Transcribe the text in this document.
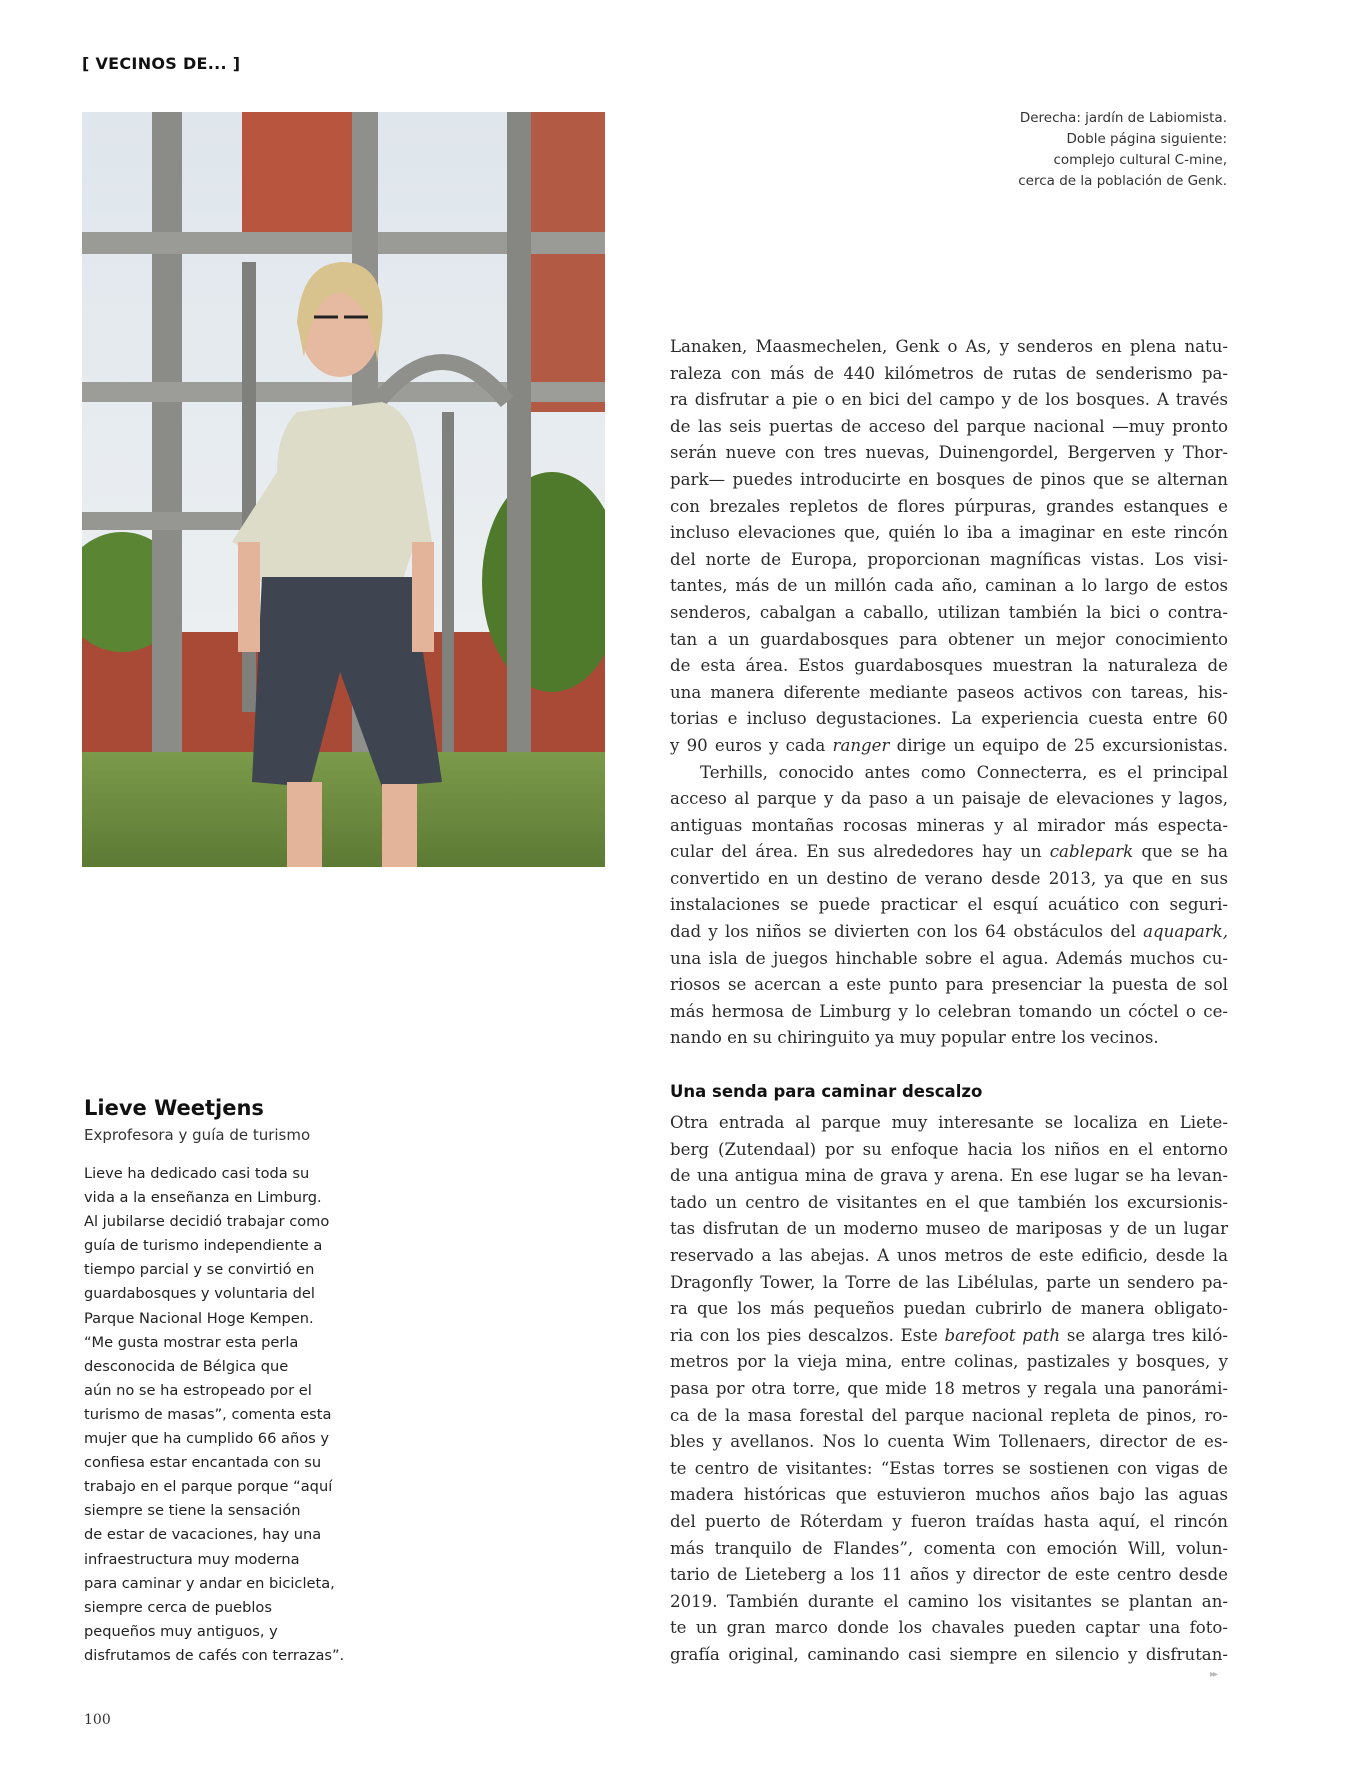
[ VECINOS DE... ]
Derecha: jardín de Labiomista.
Doble página siguiente:
complejo cultural C-mine,
cerca de la población de Genk.
Lanaken, Maasmechelen, Genk o As, y senderos en plena natu-
raleza con más de 440 kilómetros de rutas de senderismo pa-
ra disfrutar a pie o en bici del campo y de los bosques. A través
de las seis puertas de acceso del parque nacional —muy pronto
serán nueve con tres nuevas, Duinengordel, Bergerven y Thor-
park— puedes introducirte en bosques de pinos que se alternan
con brezales repletos de flores púrpuras, grandes estanques e
incluso elevaciones que, quién lo iba a imaginar en este rincón
del norte de Europa, proporcionan magníficas vistas. Los visi-
tantes, más de un millón cada año, caminan a lo largo de estos
senderos, cabalgan a caballo, utilizan también la bici o contra-
tan a un guardabosques para obtener un mejor conocimiento
de esta área. Estos guardabosques muestran la naturaleza de
una manera diferente mediante paseos activos con tareas, his-
torias e incluso degustaciones. La experiencia cuesta entre 60
y 90 euros y cada ranger dirige un equipo de 25 excursionistas.
Terhills, conocido antes como Connecterra, es el principal
acceso al parque y da paso a un paisaje de elevaciones y lagos,
antiguas montañas rocosas mineras y al mirador más especta-
cular del área. En sus alrededores hay un cablepark que se ha
convertido en un destino de verano desde 2013, ya que en sus
instalaciones se puede practicar el esquí acuático con seguri-
dad y los niños se divierten con los 64 obstáculos del aquapark,
una isla de juegos hinchable sobre el agua. Además muchos cu-
riosos se acercan a este punto para presenciar la puesta de sol
más hermosa de Limburg y lo celebran tomando un cóctel o ce-
nando en su chiringuito ya muy popular entre los vecinos.
Una senda para caminar descalzo
Otra entrada al parque muy interesante se localiza en Liete-
berg (Zutendaal) por su enfoque hacia los niños en el entorno
de una antigua mina de grava y arena. En ese lugar se ha levan-
tado un centro de visitantes en el que también los excursionis-
tas disfrutan de un moderno museo de mariposas y de un lugar
reservado a las abejas. A unos metros de este edificio, desde la
Dragonfly Tower, la Torre de las Libélulas, parte un sendero pa-
ra que los más pequeños puedan cubrirlo de manera obligato-
ria con los pies descalzos. Este barefoot path se alarga tres kiló-
metros por la vieja mina, entre colinas, pastizales y bosques, y
pasa por otra torre, que mide 18 metros y regala una panorámi-
ca de la masa forestal del parque nacional repleta de pinos, ro-
bles y avellanos. Nos lo cuenta Wim Tollenaers, director de es-
te centro de visitantes: “Estas torres se sostienen con vigas de
madera históricas que estuvieron muchos años bajo las aguas
del puerto de Róterdam y fueron traídas hasta aquí, el rincón
más tranquilo de Flandes”, comenta con emoción Will, volun-
tario de Lieteberg a los 11 años y director de este centro desde
2019. También durante el camino los visitantes se plantan an-
te un gran marco donde los chavales pueden captar una foto-
grafía original, caminando casi siempre en silencio y disfrutan-
Lieve Weetjens
Exprofesora y guía de turismo
Lieve ha dedicado casi toda su
vida a la enseñanza en Limburg.
Al jubilarse decidió trabajar como
guía de turismo independiente a
tiempo parcial y se convirtió en
guardabosques y voluntaria del
Parque Nacional Hoge Kempen.
“Me gusta mostrar esta perla
desconocida de Bélgica que
aún no se ha estropeado por el
turismo de masas”, comenta esta
mujer que ha cumplido 66 años y
confiesa estar encantada con su
trabajo en el parque porque “aquí
siempre se tiene la sensación
de estar de vacaciones, hay una
infraestructura muy moderna
para caminar y andar en bicicleta,
siempre cerca de pueblos
pequeños muy antiguos, y
disfrutamos de cafés con terrazas”.
100
▸▸
